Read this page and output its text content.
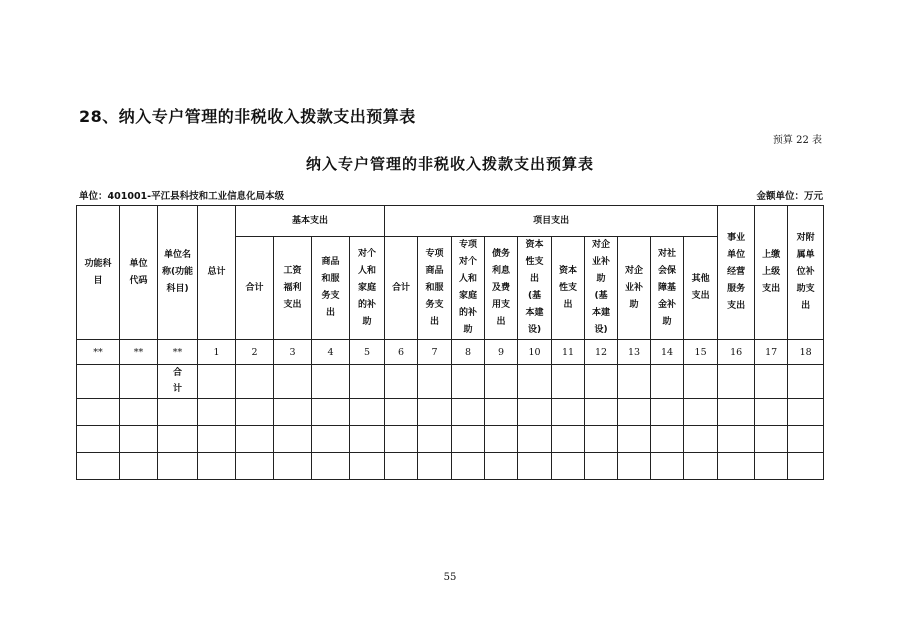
28、纳入专户管理的非税收入拨款支出预算表
预算 22 表
纳入专户管理的非税收入拨款支出预算表
单位：401001-平江县科技和工业信息化局本级	金额单位：万元
功能科目	单位代码	单位名称(功能科目)	总计	基本支出				项目支出										事业单位经营服务支出	上缴上级支出	对附属单位补助支出
				合计	工资福利支出	商品和服务支出	对个人和家庭的补助	合计	专项商品和服务支出	专项对个人和家庭的补助	债务利息及费用支出	资本性支出(基本建设)	资本性支出	对企业补助(基本建设)	对企业补助	对社会保障基金补助	其他支出			
**	**	**	1	2	3	4	5	6	7	8	9	10	11	12	13	14	15	16	17	18
		合计																		

55
